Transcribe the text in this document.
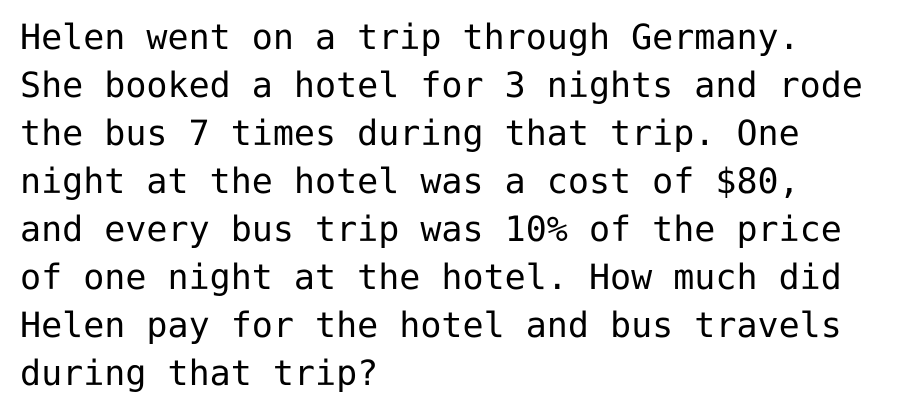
Helen went on a trip through Germany.
She booked a hotel for 3 nights and rode
the bus 7 times during that trip. One
night at the hotel was a cost of $80,
and every bus trip was 10% of the price
of one night at the hotel. How much did
Helen pay for the hotel and bus travels
during that trip?
